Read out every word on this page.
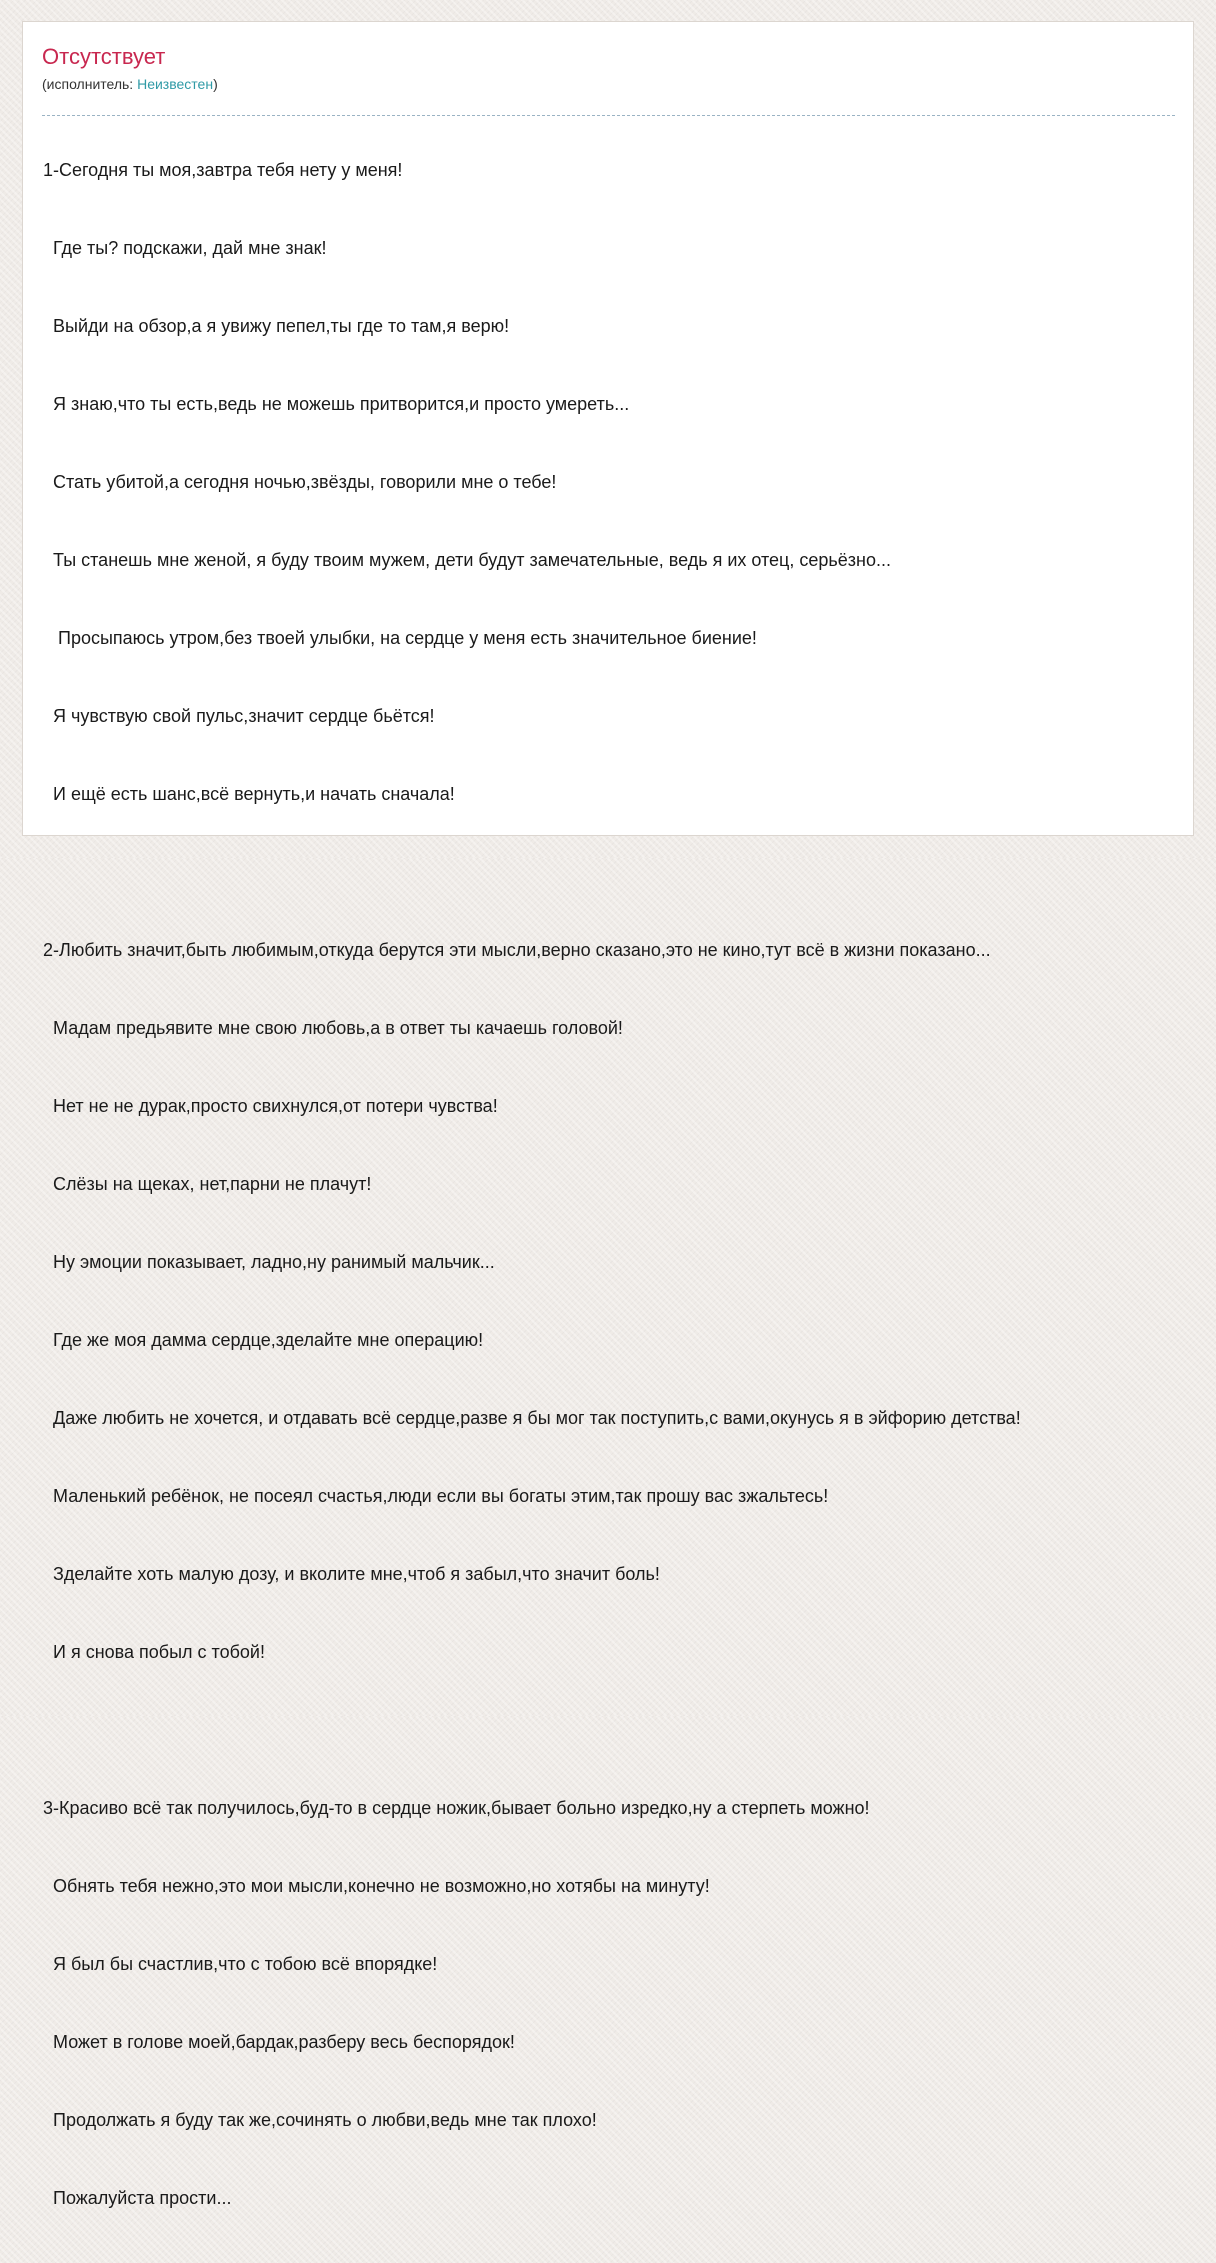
Отсутствует
(исполнитель: Неизвестен)

1-Сегодня ты моя,завтра тебя нету у меня!

Где ты? подскажи, дай мне знак!

Выйди на обзор,а я увижу пепел,ты где то там,я верю!

Я знаю,что ты есть,ведь не можешь притворится,и просто умереть...

Стать убитой,а сегодня ночью,звёзды, говорили мне о тебе!

Ты станешь мне женой, я буду твоим мужем, дети будут замечательные, ведь я их отец, серьёзно...

Просыпаюсь утром,без твоей улыбки, на сердце у меня есть значительное биение!

Я чувствую свой пульс,значит сердце бьётся!

И ещё есть шанс,всё вернуть,и начать сначала!

2-Любить значит,быть любимым,откуда берутся эти мысли,верно сказано,это не кино,тут всё в жизни показано...

Мадам предьявите мне свою любовь,а в ответ ты качаешь головой!

Нет не не дурак,просто свихнулся,от потери чувства!

Слёзы на щеках, нет,парни не плачут!

Ну эмоции показывает, ладно,ну ранимый мальчик...

Где же моя дамма сердце,зделайте мне операцию!

Даже любить не хочется, и отдавать всё сердце,разве я бы мог так поступить,с вами,окунусь я в эйфорию детства!

Маленький ребёнок, не посеял счастья,люди если вы богаты этим,так прошу вас зжальтесь!

Зделайте хоть малую дозу, и вколите мне,чтоб я забыл,что значит боль!

И я снова побыл с тобой!

3-Красиво всё так получилось,буд-то в сердце ножик,бывает больно изредко,ну а стерпеть можно!

Обнять тебя нежно,это мои мысли,конечно не возможно,но хотябы на минуту!

Я был бы счастлив,что с тобою всё впорядке!

Может в голове моей,бардак,разберу весь беспорядок!

Продолжать я буду так же,сочинять о любви,ведь мне так плохо!

Пожалуйста прости...
